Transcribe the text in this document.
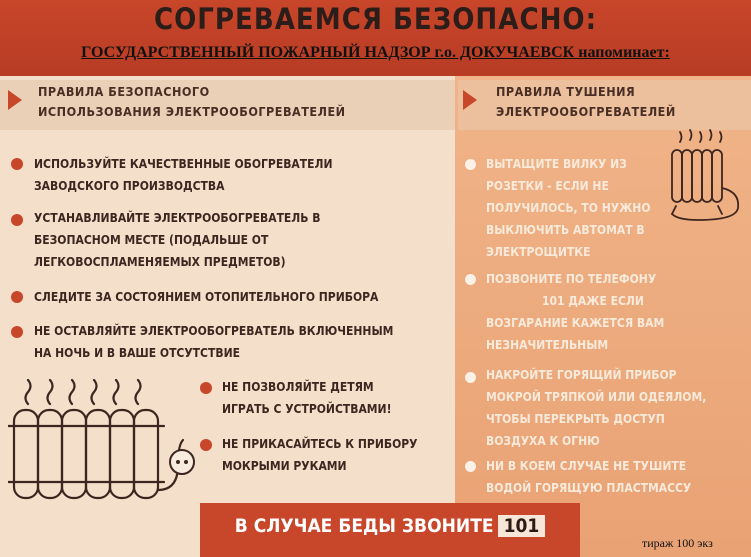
СОГРЕВАЕМСЯ БЕЗОПАСНО:
ГОСУДАРСТВЕННЫЙ ПОЖАРНЫЙ НАДЗОР г.о. ДОКУЧАЕВСК напоминает:
ПРАВИЛА БЕЗОПАСНОГО
ИСПОЛЬЗОВАНИЯ ЭЛЕКТРООБОГРЕВАТЕЛЕЙ
ПРАВИЛА ТУШЕНИЯ
ЭЛЕКТРООБОГРЕВАТЕЛЕЙ
ИСПОЛЬЗУЙТЕ КАЧЕСТВЕННЫЕ ОБОГРЕВАТЕЛИ
ЗАВОДСКОГО ПРОИЗВОДСТВА
УСТАНАВЛИВАЙТЕ ЭЛЕКТРООБОГРЕВАТЕЛЬ В
БЕЗОПАСНОМ МЕСТЕ (ПОДАЛЬШЕ ОТ
ЛЕГКОВОСПЛАМЕНЯЕМЫХ ПРЕДМЕТОВ)
СЛЕДИТЕ ЗА СОСТОЯНИЕМ ОТОПИТЕЛЬНОГО ПРИБОРА
НЕ ОСТАВЛЯЙТЕ ЭЛЕКТРООБОГРЕВАТЕЛЬ ВКЛЮЧЕННЫМ
НА НОЧЬ И В ВАШЕ ОТСУТСТВИЕ
НЕ ПОЗВОЛЯЙТЕ ДЕТЯМ
ИГРАТЬ С УСТРОЙСТВАМИ!
НЕ ПРИКАСАЙТЕСЬ К ПРИБОРУ
МОКРЫМИ РУКАМИ
ВЫТАЩИТЕ ВИЛКУ ИЗ
РОЗЕТКИ - ЕСЛИ НЕ
ПОЛУЧИЛОСЬ, ТО НУЖНО
ВЫКЛЮЧИТЬ АВТОМАТ В
ЭЛЕКТРОЩИТКЕ
ПОЗВОНИТЕ ПО ТЕЛЕФОНУ
101 ДАЖЕ ЕСЛИ
ВОЗГАРАНИЕ КАЖЕТСЯ ВАМ
НЕЗНАЧИТЕЛЬНЫМ
НАКРОЙТЕ ГОРЯЩИЙ ПРИБОР
МОКРОЙ ТРЯПКОЙ ИЛИ ОДЕЯЛОМ,
ЧТОБЫ ПЕРЕКРЫТЬ ДОСТУП
ВОЗДУХА К ОГНЮ
НИ В КОЕМ СЛУЧАЕ НЕ ТУШИТЕ
ВОДОЙ ГОРЯЩУЮ ПЛАСТМАССУ
В СЛУЧАЕ БЕДЫ ЗВОНИТЕ 101
тираж 100 экз
